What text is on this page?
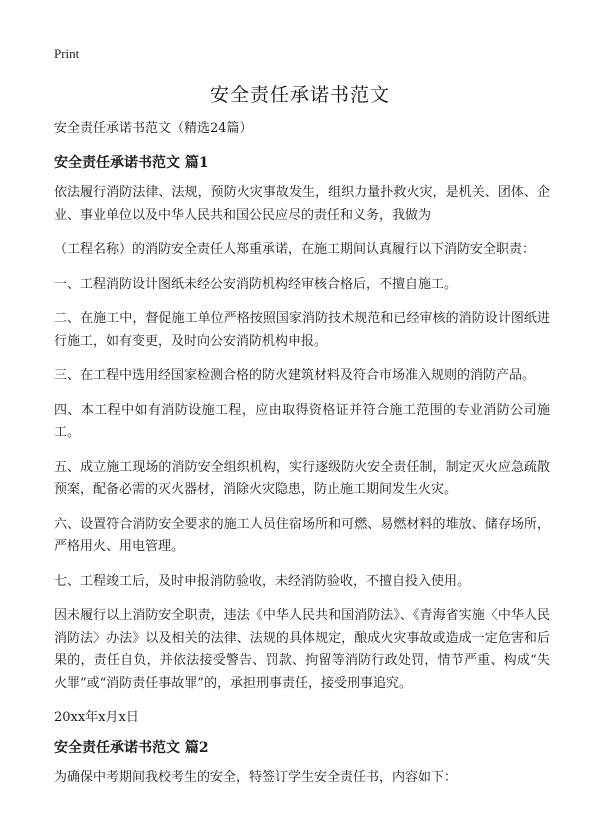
Print
安全责任承诺书范文
安全责任承诺书范文（精选24篇）
安全责任承诺书范文 篇1

依法履行消防法律、法规，预防火灾事故发生，组织力量扑救火灾，是机关、团体、企业、事业单位以及中华人民共和国公民应尽的责任和义务，我做为

（工程名称）的消防安全责任人郑重承诺，在施工期间认真履行以下消防安全职责：

一、工程消防设计图纸未经公安消防机构经审核合格后，不擅自施工。

二、在施工中，督促施工单位严格按照国家消防技术规范和已经审核的消防设计图纸进行施工，如有变更，及时向公安消防机构申报。

三、在工程中选用经国家检测合格的防火建筑材料及符合市场准入规则的消防产品。

四、本工程中如有消防设施工程，应由取得资格证并符合施工范围的专业消防公司施工。

五、成立施工现场的消防安全组织机构，实行逐级防火安全责任制，制定灭火应急疏散预案，配备必需的灭火器材，消除火灾隐患，防止施工期间发生火灾。

六、设置符合消防安全要求的施工人员住宿场所和可燃、易燃材料的堆放、储存场所，严格用火、用电管理。

七、工程竣工后，及时申报消防验收，未经消防验收，不擅自投入使用。

因未履行以上消防安全职责，违法《中华人民共和国消防法》、《青海省实施〈中华人民消防法〉办法》以及相关的法律、法规的具体规定，酿成火灾事故或造成一定危害和后果的，责任自负，并依法接受警告、罚款、拘留等消防行政处罚，情节严重、构成“失火罪”或“消防责任事故罪”的，承担刑事责任，接受刑事追究。

20xx年x月x日
安全责任承诺书范文 篇2

为确保中考期间我校考生的安全，特签订学生安全责任书，内容如下：
